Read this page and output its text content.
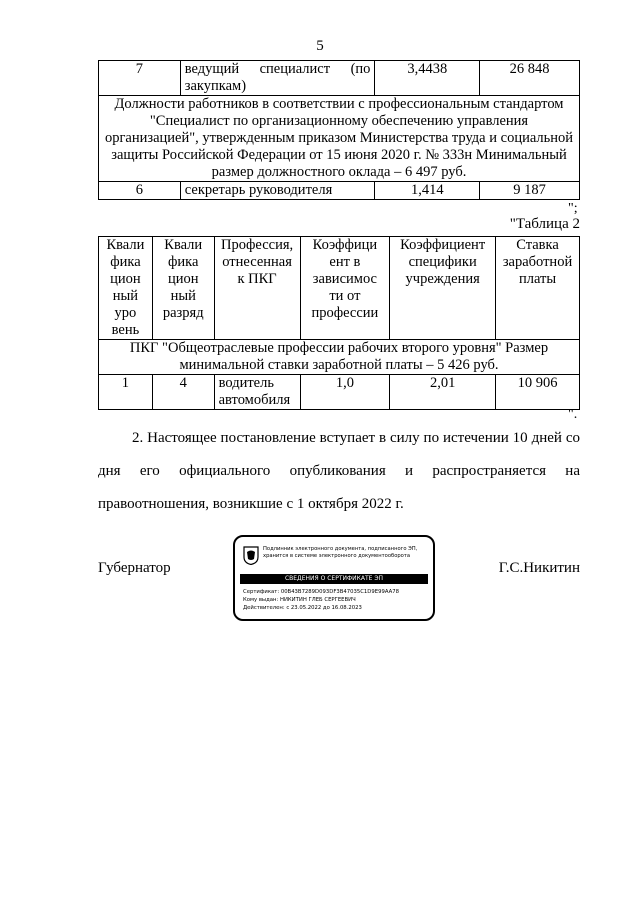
5
7	ведущий специалист (по закупкам)	3,4438	26 848
Должности работников в соответствии с профессиональным стандартом "Специалист по организационному обеспечению управления организацией", утвержденным приказом Министерства труда и социальной защиты Российской Федерации от 15 июня 2020 г. № 333н Минимальный размер должностного оклада – 6 497 руб.			
6	секретарь руководителя	1,414	9 187
";
"Таблица 2
Квали фика цион ный уро вень	Квали фика цион ный разряд	Профессия, отнесенная к ПКГ	Коэффици ент в зависимос ти от профессии	Коэффициент специфики учреждения	Ставка заработной платы
ПКГ "Общеотраслевые профессии рабочих второго уровня" Размер минимальной ставки заработной платы – 5 426 руб.					
1	4	водитель автомобиля	1,0	2,01	10 906
".
2. Настоящее постановление вступает в силу по истечении 10 дней со дня его официального опубликования и распространяется на правоотношения, возникшие с 1 октября 2022 г.
Губернатор	Г.С.Никитин
Подлинник электронного документа, подписанного ЭП, хранится в системе электронного документооборота
СВЕДЕНИЯ О СЕРТИФИКАТЕ ЭП
Сертификат: 00B43B7289D093DF3B47035C1D9E99AA78
Кому выдан: НИКИТИН ГЛЕБ СЕРГЕЕВИЧ
Действителен: с 23.05.2022 до 16.08.2023
